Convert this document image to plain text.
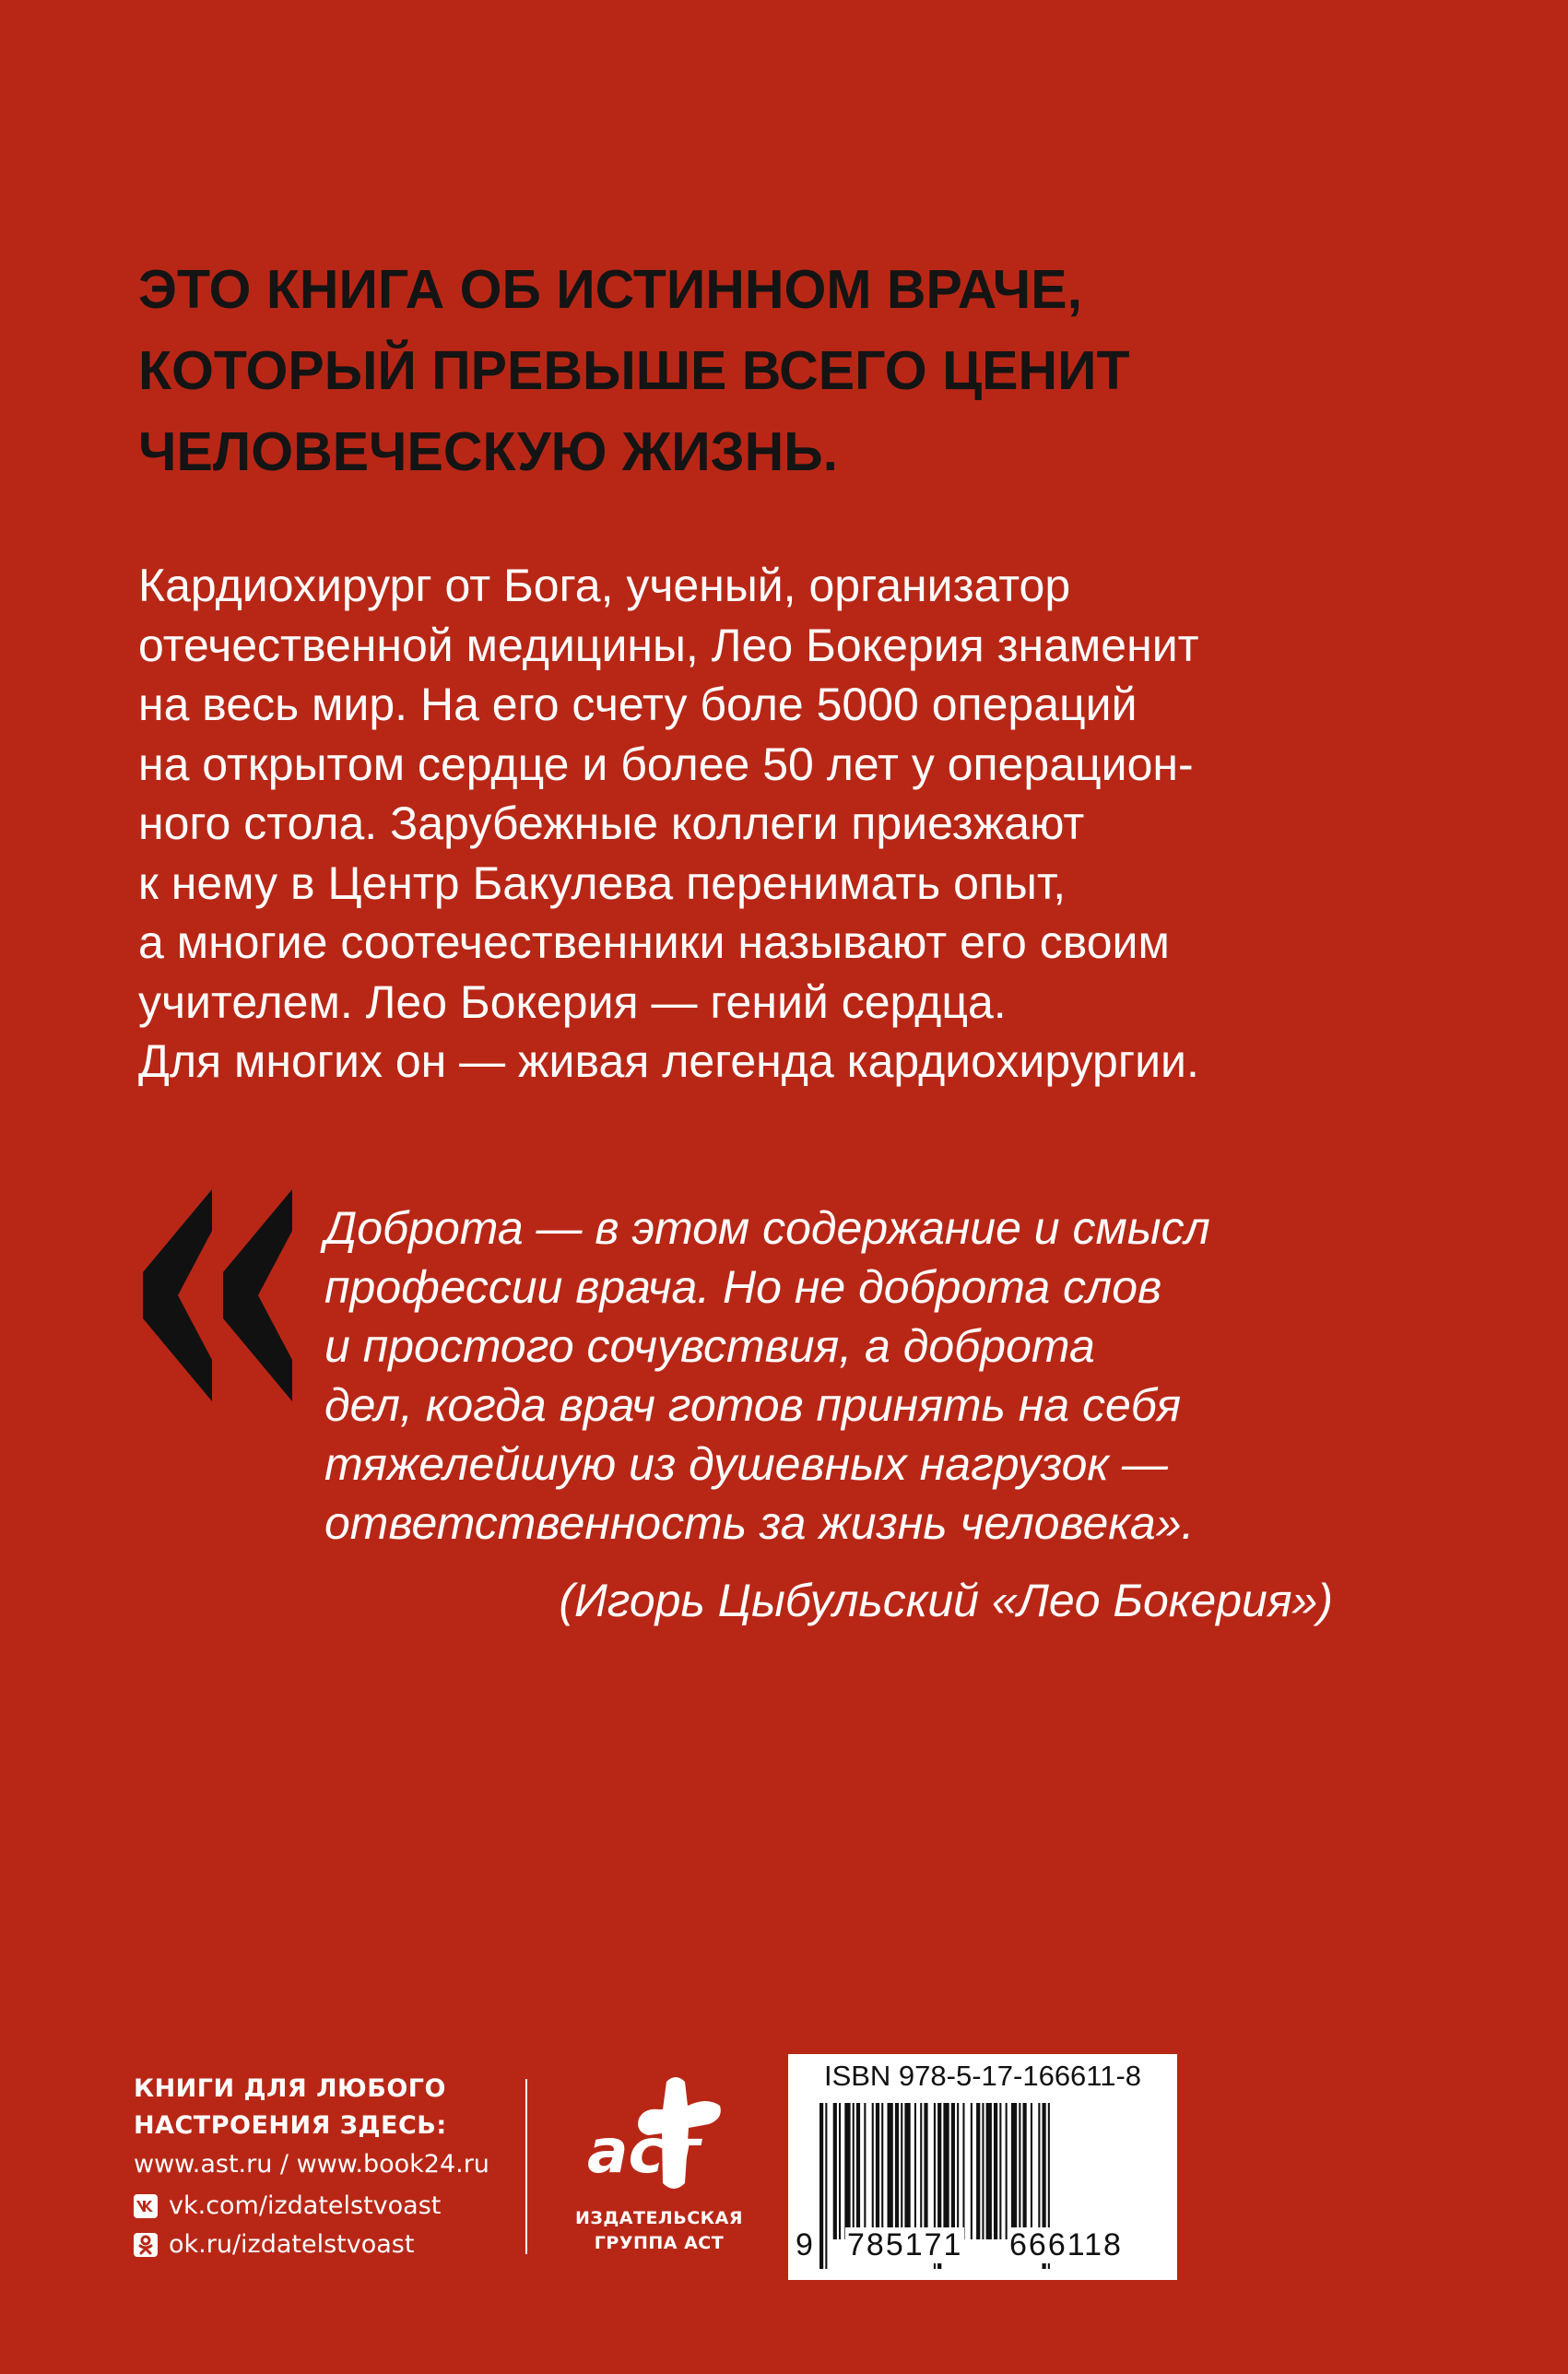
ЭТО КНИГА ОБ ИСТИННОМ ВРАЧЕ,
КОТОРЫЙ ПРЕВЫШЕ ВСЕГО ЦЕНИТ
ЧЕЛОВЕЧЕСКУЮ ЖИЗНЬ.

Кардиохирург от Бога, ученый, организатор
отечественной медицины, Лео Бокерия знаменит
на весь мир. На его счету боле 5000 операций
на открытом сердце и более 50 лет у операцион-
ного стола. Зарубежные коллеги приезжают
к нему в Центр Бакулева перенимать опыт,
а многие соотечественники называют его своим
учителем. Лео Бокерия — гений сердца.
Для многих он — живая легенда кардиохирургии.

Доброта — в этом содержание и смысл
профессии врача. Но не доброта слов
и простого сочувствия, а доброта
дел, когда врач готов принять на себя
тяжелейшую из душевных нагрузок —
ответственность за жизнь человека».

(Игорь Цыбульский «Лео Бокерия»)
КНИГИ ДЛЯ ЛЮБОГО
НАСТРОЕНИЯ ЗДЕСЬ:
www.ast.ru / www.book24.ru
vk.com/izdatelstvoast
ok.ru/izdatelstvoast
аст
ИЗДАТЕЛЬСКАЯ
ГРУППА АСТ
ISBN 978-5-17-166611-8
9 785171 666118
